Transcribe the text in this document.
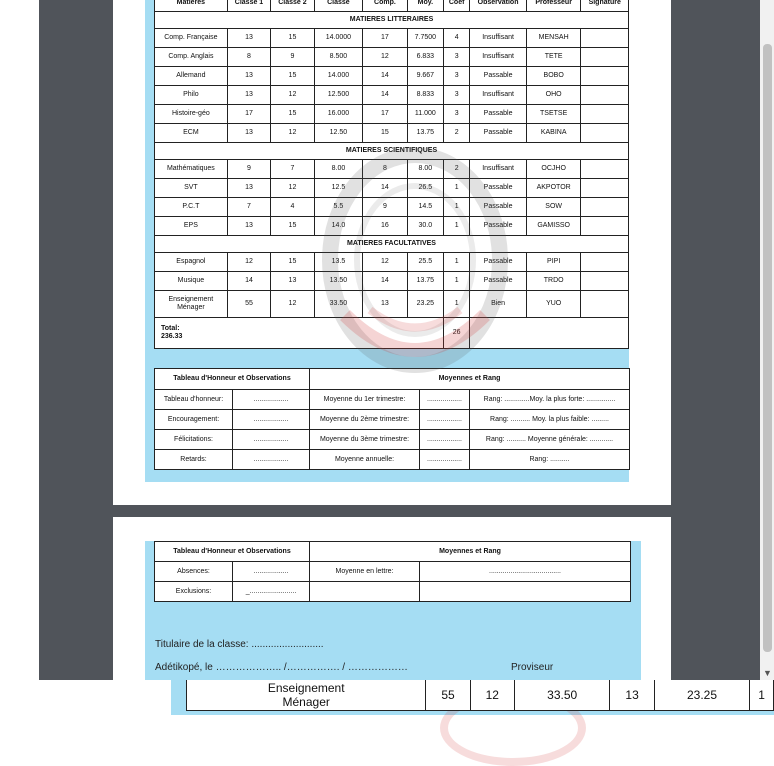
Enseignement
Ménager	55	12	33.50	13	23.25	1
Matières	Classe 1	Classe 2	Classe	Comp.	Moy.	Coef	Observation	Professeur	Signature
MATIERES LITTERAIRES									
Comp. Française	13	15	14.0000	17	7.7500	4	Insuffisant	MENSAH	
Comp. Anglais	8	9	8.500	12	6.833	3	Insuffisant	TETE	
Allemand	13	15	14.000	14	9.667	3	Passable	BOBO	
Philo	13	12	12.500	14	8.833	3	Insuffisant	OHO	
Histoire-géo	17	15	16.000	17	11.000	3	Passable	TSETSE	
ECM	13	12	12.50	15	13.75	2	Passable	KABINA	
MATIERES SCIENTIFIQUES									
Mathématiques	9	7	8.00	8	8.00	2	Insuffisant	OCJHO	
SVT	13	12	12.5	14	26.5	1	Passable	AKPOTOR	
P.C.T	7	4	5.5	9	14.5	1	Passable	SOW	
EPS	13	15	14.0	16	30.0	1	Passable	GAMISSO	
MATIERES FACULTATIVES									
Espagnol	12	15	13.5	12	25.5	1	Passable	PIPI	
Musique	14	13	13.50	14	13.75	1	Passable	TRDO	
Enseignement
Ménager	55	12	33.50	13	23.25	1	Bien	YUO	
Total:
236.33						26			
Tableau d'Honneur et Observations		Moyennes et Rang		
Tableau d'honneur:	..................	Moyenne du 1er trimestre:	..................	Rang: .............Moy. la plus forte: ...............
Encouragement:	..................	Moyenne du 2ème trimestre:	..................	Rang: .......... Moy. la plus faible: .........
Félicitations:	..................	Moyenne du 3ème trimestre:	..................	Rang: .......... Moyenne générale: ............
Retards:	..................	Moyenne annuelle:	..................	Rang: ..........
Tableau d'Honneur et Observations		Moyennes et Rang	
Absences:	..................	Moyenne en lettre:	.....................................
Exclusions:	_........................		
Titulaire de la classe: ..........................
Adétikopé, le ……………….. /……………. / ………………	Proviseur	▼
